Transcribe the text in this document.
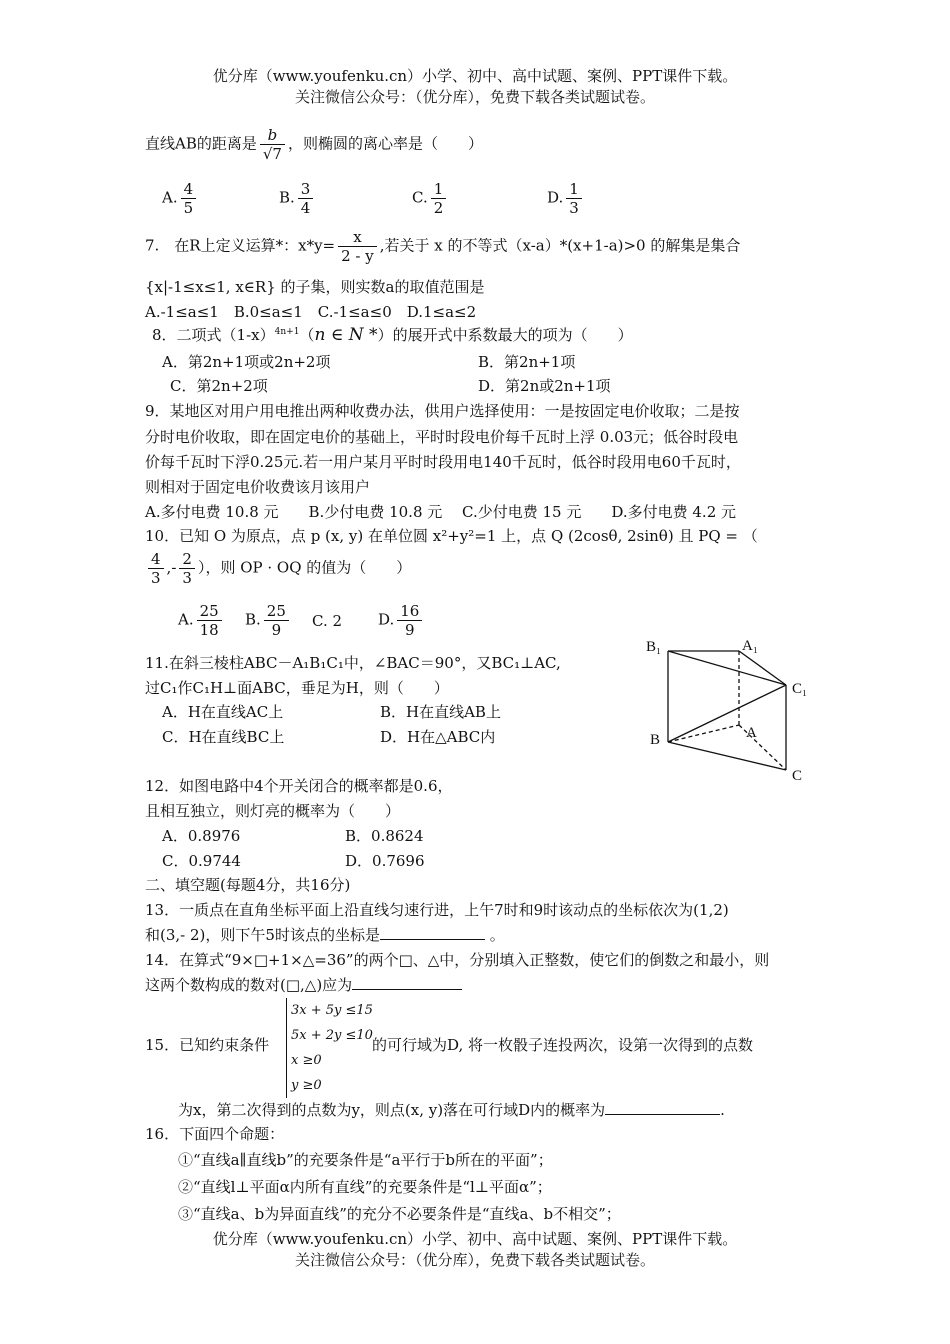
优分库（www.youfenku.cn）小学、初中、高中试题、案例、PPT课件下载。
关注微信公众号：（优分库），免费下载各类试题试卷。
直线AB的距离是 $\frac{b}{√7}$ ，则椭圆的离心率是（　　）
A. $\frac{4}{5}$	B. $\frac{3}{4}$	C. $\frac{1}{2}$	D. $\frac{1}{3}$
7.　在R上定义运算*：$x*y= \frac{x}{2 - y}$ ,若关于 x 的不等式（x-a）*(x+1-a)>0 的解集是集合
{x|-1≤x≤1, x∈R} 的子集，则实数a的取值范围是
A.-1≤a≤1　B.0≤a≤1　C.-1≤a≤0　D.1≤a≤2
8．二项式$(1-x)^{4n+1}(n$ ∈ N *）的展开式中系数最大的项为（　　）
A．第2n+1项或2n+2项	B．第2n+1项
C．第2n+2项	D．第2n或2n+1项
9．某地区对用户用电推出两种收费办法，供用户选择使用：一是按固定电价收取；二是按
分时电价收取，即在固定电价的基础上，平时时段电价每千瓦时上浮 0.03元；低谷时段电
价每千瓦时下浮0.25元.若一用户某月平时时段用电140千瓦时，低谷时段用电60千瓦时，
则相对于固定电价收费该月该用户
A.多付电费 10.8 元　　B.少付电费 10.8 元　 C.少付电费 15 元　　D.多付电费 4.2 元
10．已知 O 为原点，点 p (x, y) 在单位圆 x²+y²=1 上，点 Q (2cosθ, 2sinθ) 且 PQ = （
$\frac{4}{3}$ ,- $\frac{2}{3}$ ），则 OP · OQ 的值为（　　）
A. $\frac{25}{18} B$. $\frac{25}{9} C$. 2 D. $\frac{16}{9}$
11.在斜三棱柱ABC－A₁B₁C₁中，∠BAC＝90°，又BC₁⊥AC,
过C₁作C₁H⊥面ABC，垂足为H，则（　　）
A．H在直线AC上	B．H在直线AB上
C．H在直线BC上	D．H在△ABC内
B₁	A₁
C₁
B	A
C
12．如图电路中4个开关闭合的概率都是0.6，
且相互独立，则灯亮的概率为（　　）
A．0.8976	B．0.8624
C．0.9744	D．0.7696
二、填空题(每题4分，共16分)
13．一质点在直角坐标平面上沿直线匀速行进，上午7时和9时该动点的坐标依次为(1,2)
和(3,- 2)，则下午5时该点的坐标是	。
14．在算式“9×□+1×△=36”的两个□、△中，分别填入正整数，使它们的倒数之和最小，则
这两个数构成的数对(□,△)应为
15．已知约束条件
3x + 5y ≤15
5x + 2y ≤10
x ≥0
y ≥0
的可行域为D, 将一枚骰子连投两次，设第一次得到的点数
为x，第二次得到的点数为y，则点(x, y)落在可行域D内的概率为	.
16．下面四个命题：
①“直线a∥直线b”的充要条件是“a平行于b所在的平面”；
②“直线l⊥平面α内所有直线”的充要条件是“l⊥平面α”；
③“直线a、b为异面直线”的充分不必要条件是“直线a、b不相交”；
优分库（www.youfenku.cn）小学、初中、高中试题、案例、PPT课件下载。
关注微信公众号：（优分库），免费下载各类试题试卷。
